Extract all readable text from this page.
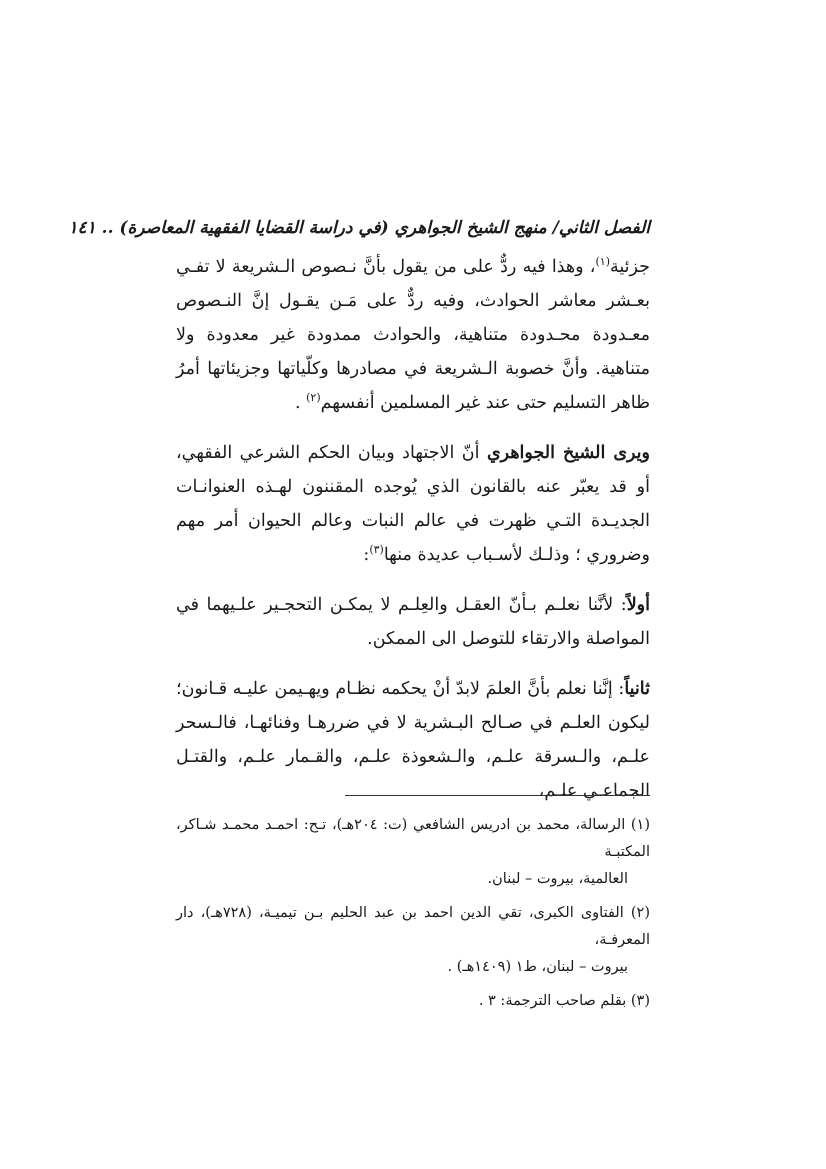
الفصل الثاني/ منهج الشيخ الجواهري (في دراسة القضايا الفقهية المعاصرة) .. ١٤١

جزئية$^{(١)}$، وهذا فيه ردٌّ على من يقول بأنَّ نـصوص الـشريعة لا تفـي بعـشر معاشر الحوادث، وفيه ردٌّ على مَـن يقـول إنَّ النـصوص معـدودة محـدودة متناهية، والحوادث ممدودة غير معدودة ولا متناهية. وأنَّ خصوبة الـشريعة في مصادرها وكلّياتها وجزيئاتها أمرُ ظاهر التسليم حتى عند غير المسلمين أنفسهم$^{(٢)}$ .

ويرى الشيخ الجواهري أنّ الاجتهاد وبيان الحكم الشرعي الفقهي، أو قد يعبّر عنه بالقانون الذي يُوجده المقننون لهـذه العنوانـات الجديـدة التـي ظهرت في عالم النبات وعالم الحيوان أمر مهم وضروري ؛ وذلـك لأسـباب عديدة منها$^{(٣)}$:

أولاً: لأنَّنا نعلـم بـأنّ العقـل والعِلـم لا يمكـن التحجـير علـيهما في المواصلة والارتقاء للتوصل الى الممكن.

ثانياً: إنَّنا نعلم بأنَّ العلمَ لابدّ أنْ يحكمه نظـام ويهـيمن عليـه قـانون؛ ليكون العلـم في صـالح البـشرية لا في ضررهـا وفنائهـا، فالـسحر علـم، والـسرقة علـم، والـشعوذة علـم، والقـمار علـم، والقتـل الجماعـي علـم،

(١) الرسالة، محمد بن ادريس الشافعي (ت: ٢٠٤هـ)، تـح: احمـد محمـد شـاكر، المكتبـة
العالمية، بيروت – لبنان.
(٢) الفتاوى الكبرى، تقي الدين احمد بن عبد الحليم بـن تيميـة، (٧٢٨هـ)، دار المعرفـة،
بيروت – لبنان، ط١ (١٤٠٩هـ) .
(٣) بقلم صاحب الترجمة: ٣ .
